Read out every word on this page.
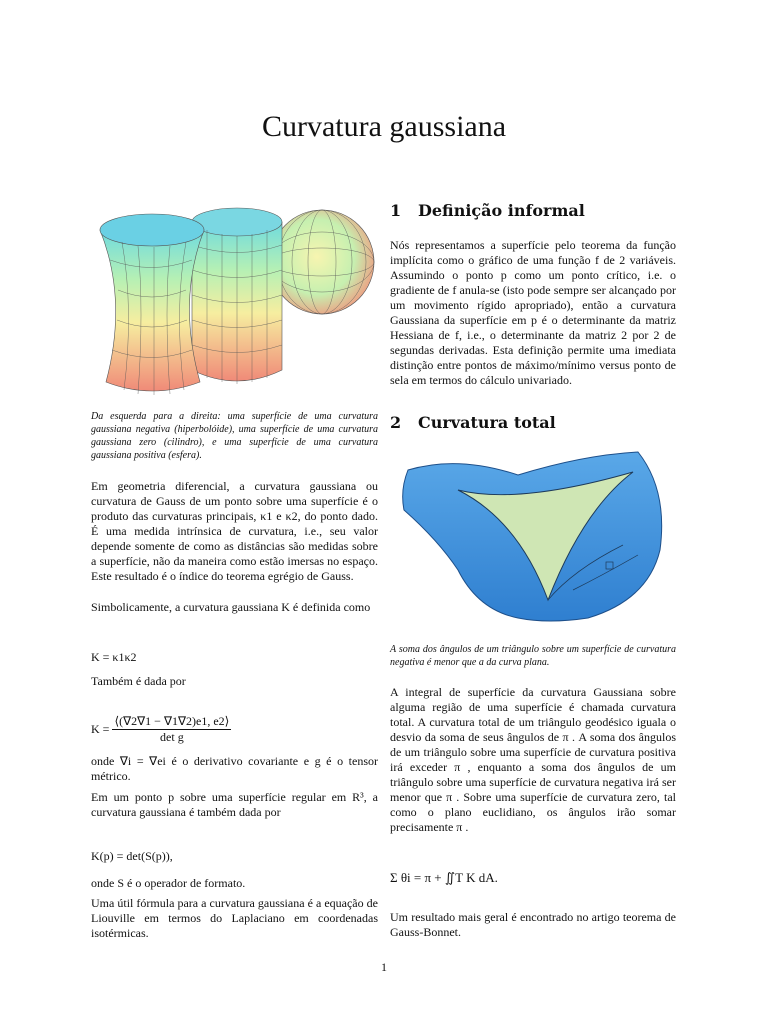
Curvatura gaussiana
Da esquerda para a direita: uma superfície de uma curvatura gaussiana negativa (hiperbolóide), uma superfície de uma curvatura gaussiana zero (cilindro), e uma superfície de uma curvatura gaussiana positiva (esfera).
Em geometria diferencial, a curvatura gaussiana ou curvatura de Gauss de um ponto sobre uma superfície é o produto das curvaturas principais, κ1 e κ2, do ponto dado. É uma medida intrínsica de curvatura, i.e., seu valor depende somente de como as distâncias são medidas sobre a superfície, não da maneira como estão imersas no espaço. Este resultado é o índice do teorema egrégio de Gauss.
Simbolicamente, a curvatura gaussiana K é definida como
K = κ1κ2
Também é dada por
$K = \frac{⟨(\nabla 2\nabla 1 - \nabla 1\nabla 2)e1, e2⟩}{\text{det g}}$
onde ∇i = ∇ei é o derivativo covariante e g é o tensor métrico.
Em um ponto p sobre uma superfície regular em R³, a curvatura gaussiana é também dada por
K(p) = det(S(p)),
onde S é o operador de formato.
Uma útil fórmula para a curvatura gaussiana é a equação de Liouville em termos do Laplaciano em coordenadas isotérmicas.
1 Definição informal
Nós representamos a superfície pelo teorema da função implícita como o gráfico de uma função f de 2 variáveis. Assumindo o ponto p como um ponto crítico, i.e. o gradiente de f anula-se (isto pode sempre ser alcançado por um movimento rígido apropriado), então a curvatura Gaussiana da superfície em p é o determinante da matriz Hessiana de f, i.e., o determinante da matriz 2 por 2 de segundas derivadas. Esta definição permite uma imediata distinção entre pontos de máximo/mínimo versus ponto de sela em termos do cálculo univariado.
2 Curvatura total
A soma dos ângulos de um triângulo sobre um superfície de curvatura negativa é menor que a da curva plana.
A integral de superfície da curvatura Gaussiana sobre alguma região de uma superfície é chamada curvatura total. A curvatura total de um triângulo geodésico iguala o desvio da soma de seus ângulos de π . A soma dos ângulos de um triângulo sobre uma superfície de curvatura positiva irá exceder π , enquanto a soma dos ângulos de um triângulo sobre uma superfície de curvatura negativa irá ser menor que π . Sobre uma superfície de curvatura zero, tal como o plano euclidiano, os ângulos irão somar precisamente π .
Σ θi = π + ∬T K dA.
Um resultado mais geral é encontrado no artigo teorema de Gauss-Bonnet.
1
